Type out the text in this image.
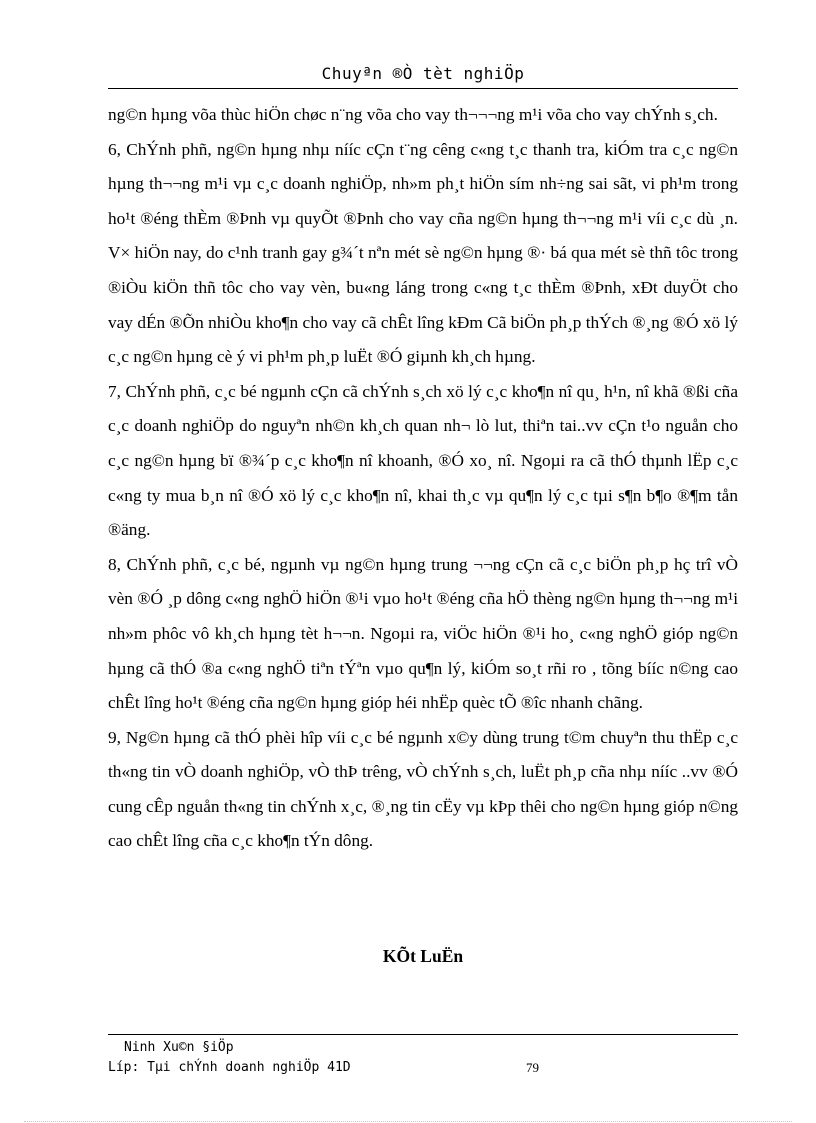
Chuyªn ®Ò tèt nghiÖp

ng©n hµng võa thùc hiÖn chøc n¨ng võa cho vay th¬¬¬ng m¹i võa cho vay chÝnh s¸ch.

6, ChÝnh phñ, ng©n hµng nhµ nííc cÇn t¨ng cêng c«ng t¸c thanh tra, kiÓm tra c¸c ng©n hµng th¬¬ng m¹i vµ c¸c doanh nghiÖp, nh»m ph¸t hiÖn sím nh÷ng sai sãt, vi ph¹m trong ho¹t ®éng thÈm ®Þnh vµ quyÕt ®Þnh cho vay cña ng©n hµng th¬¬ng m¹i víi c¸c dù ¸n. V× hiÖn nay, do c¹nh tranh gay g¾´t nªn mét sè ng©n hµng ®· bá qua mét sè thñ tôc trong ®iÒu kiÖn thñ tôc cho vay vèn, bu«ng láng trong c«ng t¸c thÈm ®Þnh, xÐt duyÖt cho vay dÉn ®Õn nhiÒu kho¶n cho vay cã chÊt lîng kÐm Cã biÖn ph¸p thÝch ®¸ng ®Ó xö lý c¸c ng©n hµng cè ý vi ph¹m ph¸p luËt ®Ó giµnh kh¸ch hµng.

7, ChÝnh phñ, c¸c bé ngµnh cÇn cã chÝnh s¸ch xö lý c¸c kho¶n nî qu¸ h¹n, nî khã ®ßi cña c¸c doanh nghiÖp do nguyªn nh©n kh¸ch quan nh¬ lò lut, thiªn tai..vv cÇn t¹o nguån cho c¸c ng©n hµng bï ®¾´p c¸c kho¶n nî khoanh, ®Ó xo¸ nî. Ngoµi ra cã thÓ thµnh lËp c¸c c«ng ty mua b¸n nî ®Ó xö lý c¸c kho¶n nî, khai th¸c vµ qu¶n lý c¸c tµi s¶n b¶o ®¶m tån ®äng.

8, ChÝnh phñ, c¸c bé, ngµnh vµ ng©n hµng trung ¬¬ng cÇn cã c¸c biÖn ph¸p hç trî vÒ vèn ®Ó ¸p dông c«ng nghÖ hiÖn ®¹i vµo ho¹t ®éng cña hÖ thèng ng©n hµng th¬¬ng m¹i nh»m phôc vô kh¸ch hµng tèt h¬¬n. Ngoµi ra, viÖc hiÖn ®¹i ho¸ c«ng nghÖ gióp ng©n hµng cã thÓ ®a c«ng nghÖ tiªn tÝªn vµo qu¶n lý, kiÓm so¸t rñi ro , tõng bííc n©ng cao chÊt lîng ho¹t ®éng cña ng©n hµng gióp héi nhËp quèc tÕ ®îc nhanh chãng.

9, Ng©n hµng cã thÓ phèi hîp víi c¸c bé ngµnh x©y dùng trung t©m chuyªn thu thËp c¸c th«ng tin vÒ doanh nghiÖp, vÒ thÞ trêng, vÒ chÝnh s¸ch, luËt ph¸p cña nhµ nííc ..vv ®Ó cung cÊp nguån th«ng tin chÝnh x¸c, ®¸ng tin cËy vµ kÞp thêi cho ng©n hµng gióp n©ng cao chÊt lîng cña c¸c kho¶n tÝn dông.

KÕt LuËn
Ninh Xu©n §iÖp
Líp: Tµi chÝnh doanh nghiÖp 41D	79
